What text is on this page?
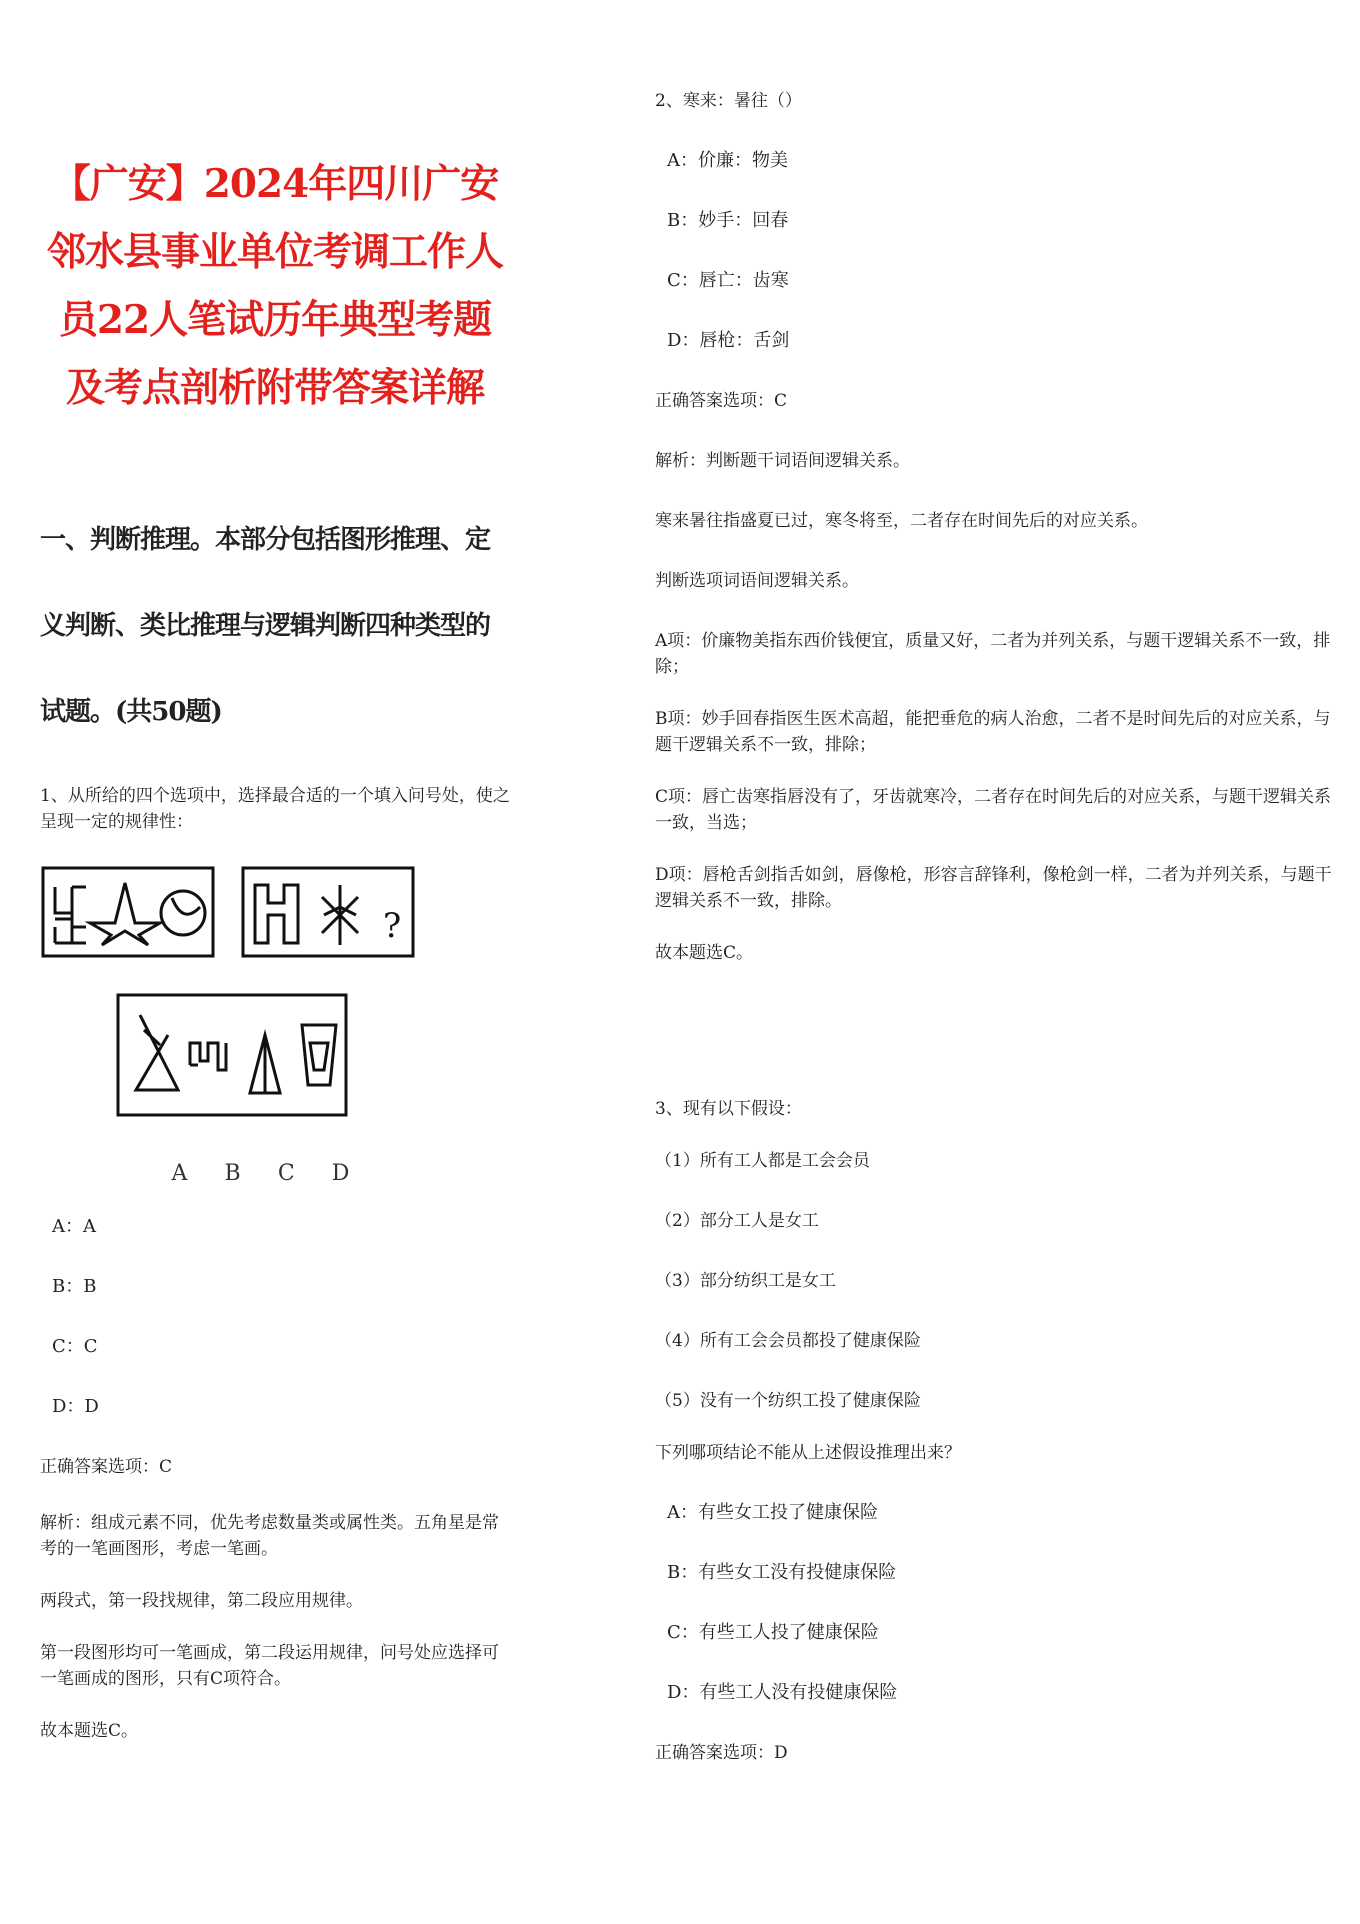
【广安】2024年四川广安邻水县事业单位考调工作人员22人笔试历年典型考题及考点剖析附带答案详解

一、判断推理。本部分包括图形推理、定义判断、类比推理与逻辑判断四种类型的试题。(共50题)

1、从所给的四个选项中，选择最合适的一个填入问号处，使之呈现一定的规律性：

?
A B C D

A：A

B：B

C：C

D：D

正确答案选项：C

解析：组成元素不同，优先考虑数量类或属性类。五角星是常考的一笔画图形，考虑一笔画。

两段式，第一段找规律，第二段应用规律。

第一段图形均可一笔画成，第二段运用规律，问号处应选择可一笔画成的图形，只有C项符合。

故本题选C。

2、寒来：暑往（）

A：价廉：物美

B：妙手：回春

C：唇亡：齿寒

D：唇枪：舌剑

正确答案选项：C

解析：判断题干词语间逻辑关系。

寒来暑往指盛夏已过，寒冬将至，二者存在时间先后的对应关系。

判断选项词语间逻辑关系。

A项：价廉物美指东西价钱便宜，质量又好，二者为并列关系，与题干逻辑关系不一致，排除；

B项：妙手回春指医生医术高超，能把垂危的病人治愈，二者不是时间先后的对应关系，与题干逻辑关系不一致，排除；

C项：唇亡齿寒指唇没有了，牙齿就寒冷，二者存在时间先后的对应关系，与题干逻辑关系一致，当选；

D项：唇枪舌剑指舌如剑，唇像枪，形容言辞锋利，像枪剑一样，二者为并列关系，与题干逻辑关系不一致，排除。

故本题选C。

3、现有以下假设：

（1）所有工人都是工会会员

（2）部分工人是女工

（3）部分纺织工是女工

（4）所有工会会员都投了健康保险

（5）没有一个纺织工投了健康保险

下列哪项结论不能从上述假设推理出来？

A：有些女工投了健康保险

B：有些女工没有投健康保险

C：有些工人投了健康保险

D：有些工人没有投健康保险

正确答案选项：D
